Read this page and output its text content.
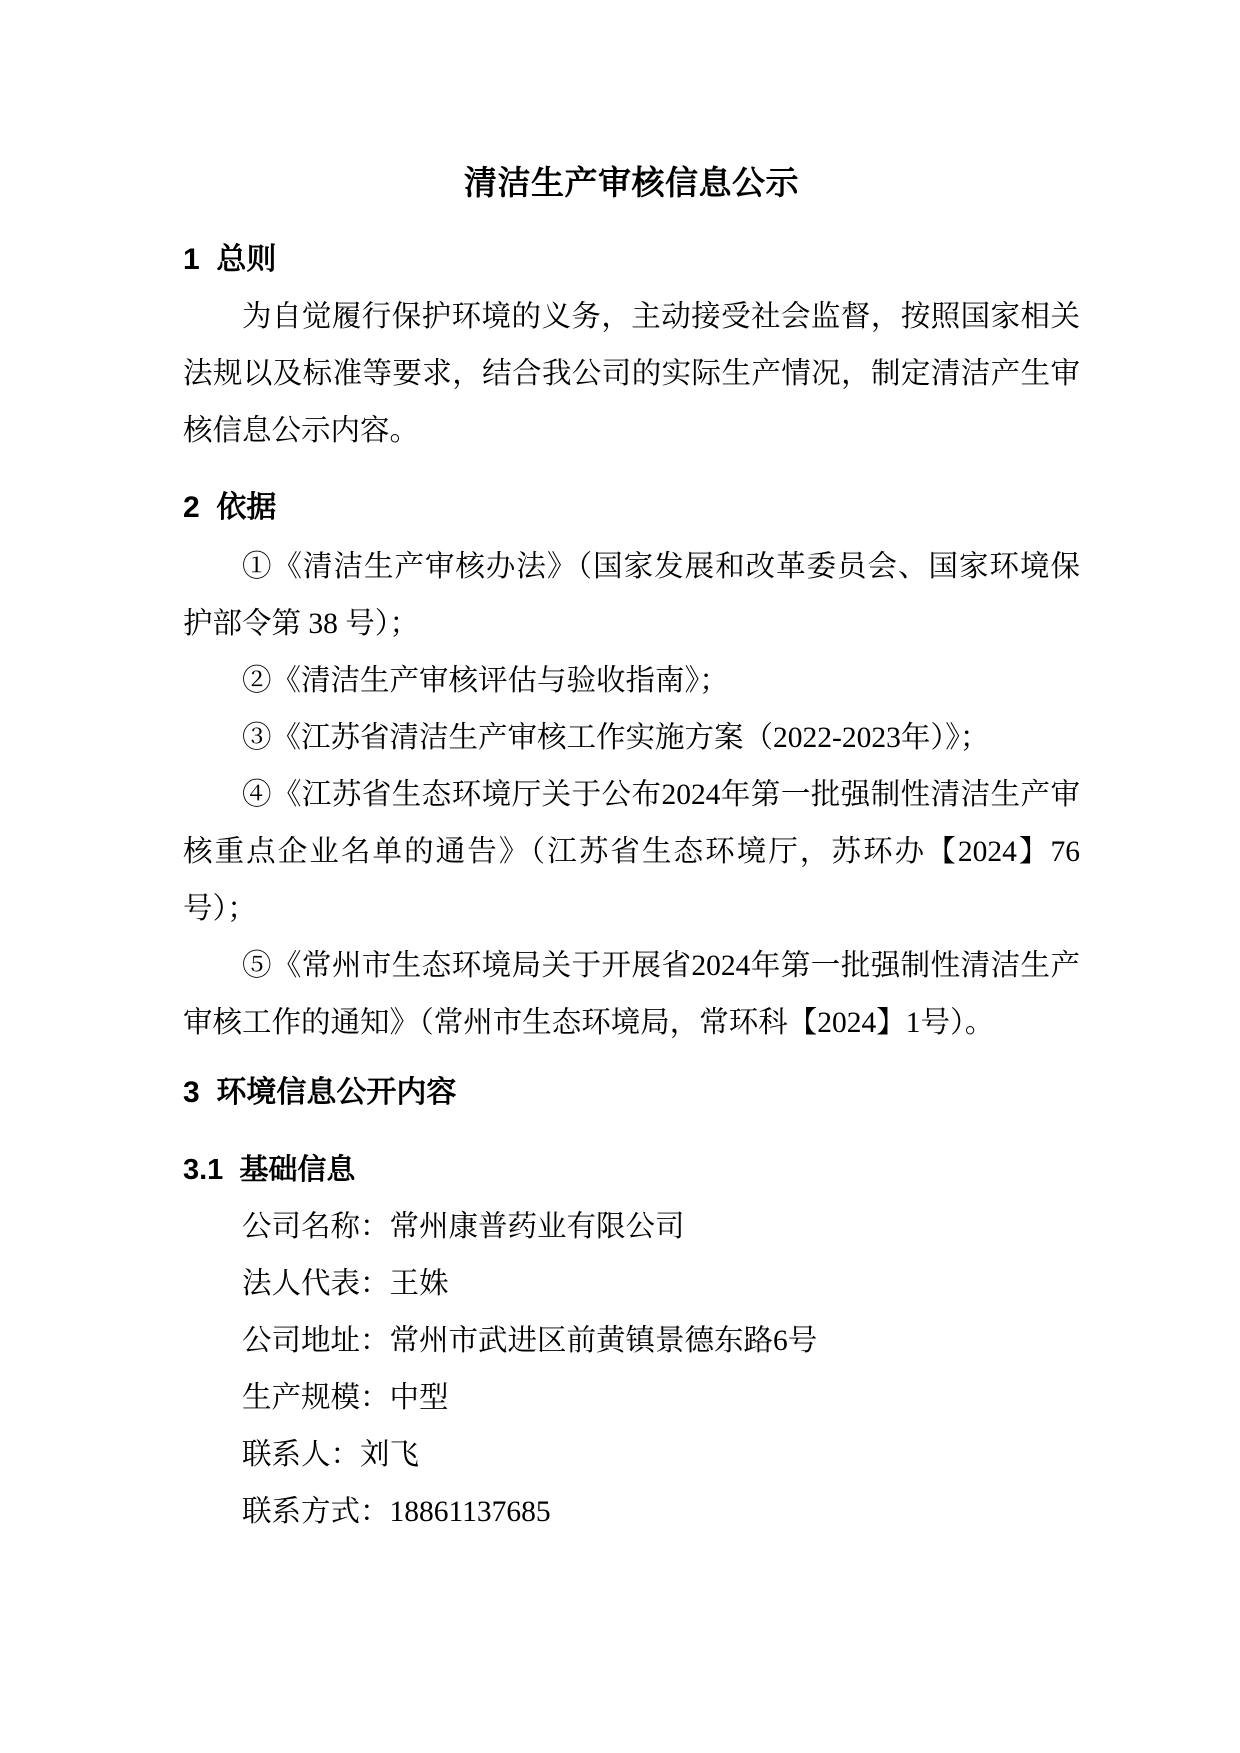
清洁生产审核信息公示
1  总则

为自觉履行保护环境的义务，主动接受社会监督，按照国家相关法规以及标准等要求，结合我公司的实际生产情况，制定清洁产生审核信息公示内容。

2  依据

①《清洁生产审核办法》（国家发展和改革委员会、国家环境保护部令第 38 号）；

②《清洁生产审核评估与验收指南》；

③《江苏省清洁生产审核工作实施方案（2022-2023年）》；

④《江苏省生态环境厅关于公布2024年第一批强制性清洁生产审核重点企业名单的通告》（江苏省生态环境厅，苏环办【2024】76号）；

⑤《常州市生态环境局关于开展省2024年第一批强制性清洁生产审核工作的通知》（常州市生态环境局，常环科【2024】1号）。

3  环境信息公开内容
3.1  基础信息

公司名称：常州康普药业有限公司

法人代表：王姝

公司地址：常州市武进区前黄镇景德东路6号

生产规模：中型

联系人：刘飞

联系方式：18861137685
